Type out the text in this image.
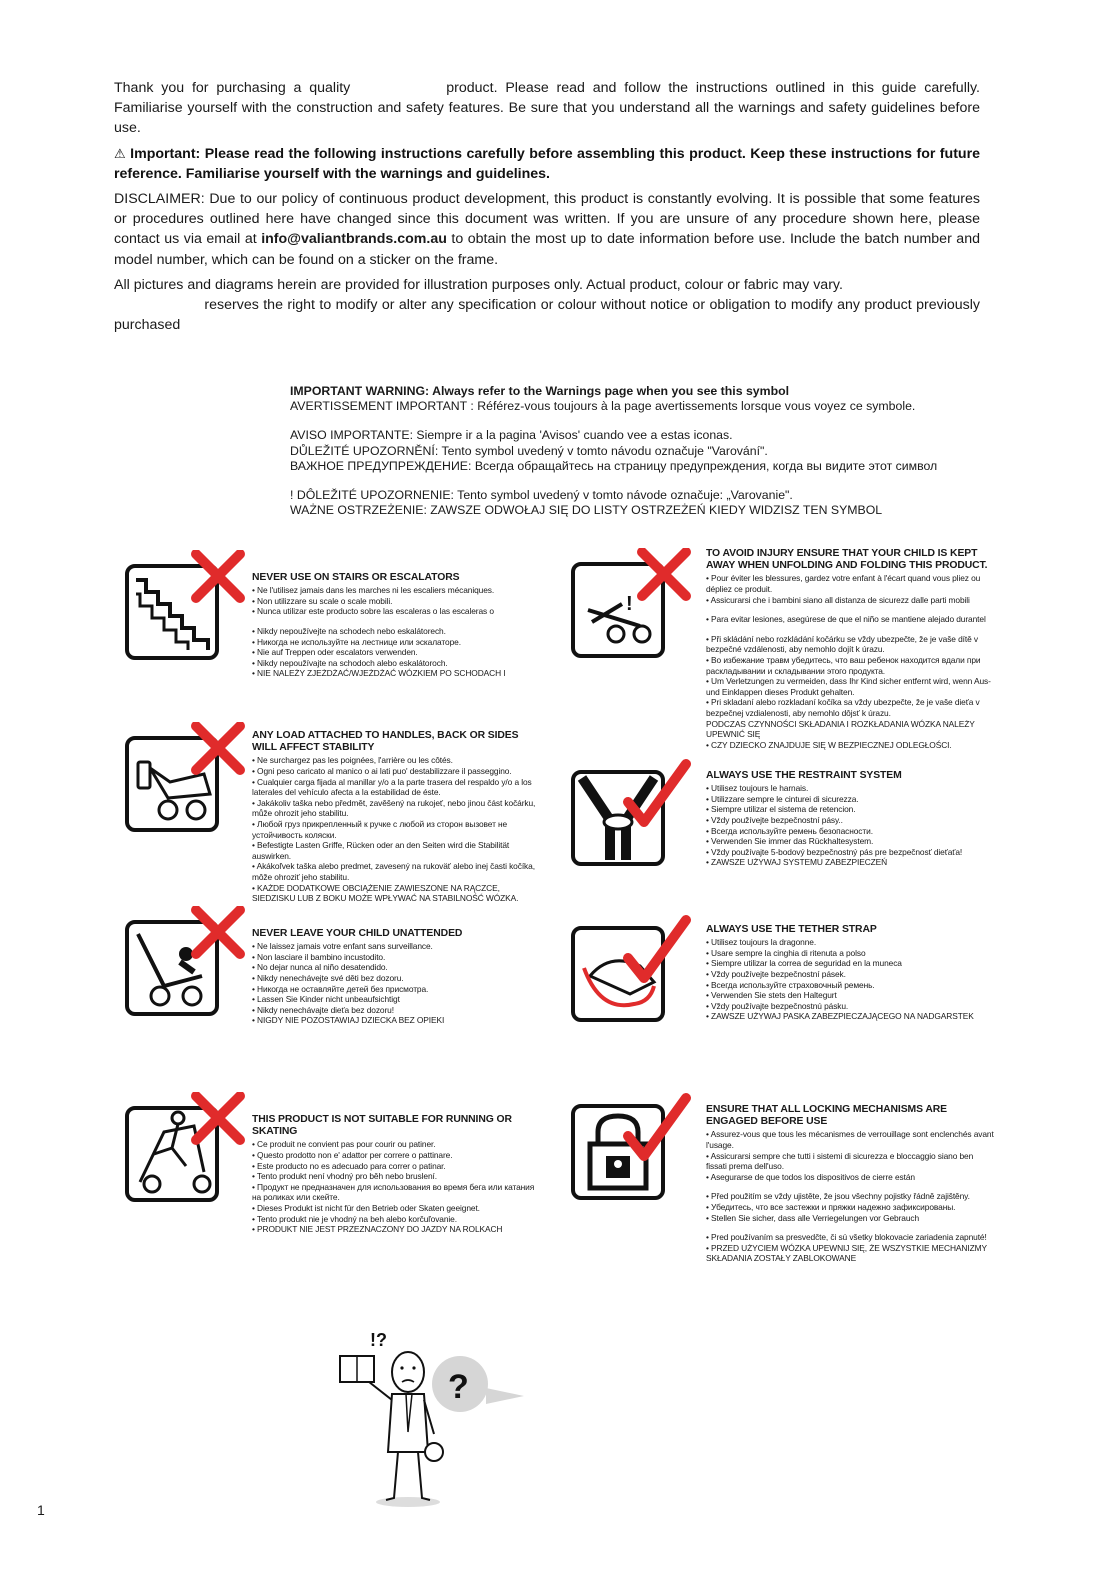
Thank you for purchasing a quality	product. Please read and follow the instructions outlined in this guide carefully. Familiarise yourself with the construction and safety features. Be sure that you understand all the warnings and safety guidelines before use.

⚠ Important: Please read the following instructions carefully before assembling this product. Keep these instructions for future reference. Familiarise yourself with the warnings and guidelines.

DISCLAIMER: Due to our policy of continuous product development, this product is constantly evolving. It is possible that some features or procedures outlined here have changed since this document was written. If you are unsure of any procedure shown here, please contact us via email at info@valiantbrands.com.au to obtain the most up to date information before use. Include the batch number and model number, which can be found on a sticker on the frame.

All pictures and diagrams herein are provided for illustration purposes only. Actual product, colour or fabric may vary.
reserves the right to modify or alter any specification or colour without notice or obligation to modify any product previously purchased

IMPORTANT WARNING: Always refer to the Warnings page when you see this symbol

AVERTISSEMENT IMPORTANT : Référez-vous toujours à la page avertissements lorsque vous voyez ce symbole.

AVISO IMPORTANTE: Siempre ir a la pagina 'Avisos' cuando vee a estas iconas.

DŮLEŽITÉ UPOZORNĚNÍ: Tento symbol uvedený v tomto návodu označuje "Varování".

ВАЖНОЕ ПРЕДУПРЕЖДЕНИЕ: Всегда обращайтесь на страницу предупреждения, когда вы видите этот символ

! DÔLEŽITÉ UPOZORNENIE: Tento symbol uvedený v tomto návode označuje: „Varovanie".

WAŻNE OSTRZEŻENIE: ZAWSZE ODWOŁAJ SIĘ DO LISTY OSTRZEŻEŃ KIEDY WIDZISZ TEN SYMBOL

NEVER USE ON STAIRS OR ESCALATORS
• Ne l'utilisez jamais dans les marches ni les escaliers mécaniques.
• Non utilizzare su scale o scale mobili.
• Nunca utilizar este producto sobre las escaleras o las escaleras o
• Nikdy nepoužívejte na schodech nebo eskalátorech.
• Никогда не используйте на лестнице или эскалаторе.
• Nie auf Treppen oder escalators verwenden.
• Nikdy nepoužívajte na schodoch alebo eskalátoroch.
• NIE NALEŻY ZJEŻDŻAĆ/WJEŻDŻAĆ WÓZKIEM PO SCHODACH I
ANY LOAD ATTACHED TO HANDLES, BACK OR SIDES WILL AFFECT STABILITY
• Ne surchargez pas les poignées, l'arrière ou les côtés.
• Ogni peso caricato al manico o ai lati puo' destabilizzare il passeggino.
• Cualquier carga fijada al manillar y/o a la parte trasera del respaldo y/o a los laterales del vehículo afecta a la estabilidad de éste.
• Jakákoliv taška nebo předmět, zavěšený na rukojeť, nebo jinou část kočárku, může ohrozit jeho stabilitu.
• Любой груз прикрепленный к ручке с любой из сторон вызовет не устойчивость коляски.
• Befestigte Lasten Griffe, Rücken oder an den Seiten wird die Stabilität auswirken.
• Akákoľvek taška alebo predmet, zavesený na rukoväť alebo inej časti kočíka, môže ohroziť jeho stabilitu.
• KAŻDE DODATKOWE OBCIĄŻENIE ZAWIESZONE NA RĄCZCE, SIEDZISKU LUB Z BOKU MOŻE WPŁYWAĆ NA STABILNOŚĆ WÓZKA.
NEVER LEAVE YOUR CHILD UNATTENDED
• Ne laissez jamais votre enfant sans surveillance.
• Non lasciare il bambino incustodito.
• No dejar nunca al niño desatendido.
• Nikdy nenechávejte své děti bez dozoru.
• Никогда не оставляйте детей без присмотра.
• Lassen Sie Kinder nicht unbeaufsichtigt
• Nikdy nenechávajte dieťa bez dozoru!
• NIGDY NIE POZOSTAWIAJ DZIECKA BEZ OPIEKI
THIS PRODUCT IS NOT SUITABLE FOR RUNNING OR SKATING
• Ce produit ne convient pas pour courir ou patiner.
• Questo prodotto non e' adattor per correre o pattinare.
• Este producto no es adecuado para correr o patinar.
• Tento produkt není vhodný pro běh nebo bruslení.
• Продукт не предназначен для использования во время бега или катания на роликах или скейте.
• Dieses Produkt ist nicht für den Betrieb oder Skaten geeignet.
• Tento produkt nie je vhodný na beh alebo korčuľovanie.
• PRODUKT NIE JEST PRZEZNACZONY DO JAZDY NA ROLKACH
!
TO AVOID INJURY ENSURE THAT YOUR CHILD IS KEPT AWAY WHEN UNFOLDING AND FOLDING THIS PRODUCT.
• Pour éviter les blessures, gardez votre enfant à l'écart quand vous pliez ou dépliez ce produit.
• Assicurarsi che i bambini siano all distanza de sicurezz dalle parti mobili
• Para evitar lesiones, asegúrese de que el niño se mantiene alejado durantel
• Při skládání nebo rozkládání kočárku se vždy ubezpečte, že je vaše dítě v bezpečné vzdálenosti, aby nemohlo dojít k úrazu.
• Во избежание травм убедитесь, что ваш ребенок находится вдали при раскладывании и складывании этого продукта.
• Um Verletzungen zu vermeiden, dass Ihr Kind sicher entfernt wird, wenn Aus- und Einklappen dieses Produkt gehalten.
• Pri skladaní alebo rozkladaní kočíka sa vždy ubezpečte, že je vaše dieťa v bezpečnej vzdialenosti, aby nemohlo dôjsť k úrazu.
PODCZAS CZYNNOŚCI SKŁADANIA I ROZKŁADANIA WÓZKA NALEŻY UPEWNIĆ SIĘ
• CZY DZIECKO ZNAJDUJE SIĘ W BEZPIECZNEJ ODLEGŁOŚCI.
ALWAYS USE THE RESTRAINT SYSTEM
• Utilisez toujours le harnais.
• Utilizzare sempre le cinturei di sicurezza.
• Siempre utilizar el sistema de retencion.
• Vždy používejte bezpečnostní pásy..
• Всегда используйте ремень безопасности.
• Verwenden Sie immer das Rückhaltesystem.
• Vždy používajte 5-bodový bezpečnostný pás pre bezpečnosť dieťaťa!
• ZAWSZE UŻYWAJ SYSTEMU ZABEZPIECZEŃ
ALWAYS USE THE TETHER STRAP
• Utilisez toujours la dragonne.
• Usare sempre la cinghia di ritenuta a polso
• Siempre utilizar la correa de seguridad en la muneca
• Vždy používejte bezpečnostní pásek.
• Всегда используйте страховочный ремень.
• Verwenden Sie stets den Haltegurt
• Vždy používajte bezpečnostnú pásku.
• ZAWSZE UŻYWAJ PASKA ZABEZPIECZAJĄCEGO NA NADGARSTEK
ENSURE THAT ALL LOCKING MECHANISMS ARE ENGAGED BEFORE USE
• Assurez-vous que tous les mécanismes de verrouillage sont enclenchés avant l'usage.
• Assicurarsi sempre che tutti i sistemi di sicurezza e bloccaggio siano ben fissati prema dell'uso.
• Asegurarse de que todos los dispositivos de cierre están
• Před použitím se vždy ujistěte, že jsou všechny pojistky řádně zajištěny.
• Убедитесь, что все застежки и пряжки надежно зафиксированы.
• Stellen Sie sicher, dass alle Verriegelungen vor Gebrauch
• Pred používaním sa presvedčte, či sú všetky blokovacie zariadenia zapnuté!
• PRZED UŻYCIEM WÓZKA UPEWNIJ SIĘ, ŻE WSZYSTKIE MECHANIZMY SKŁADANIA ZOSTAŁY ZABLOKOWANE
?
!?
1
